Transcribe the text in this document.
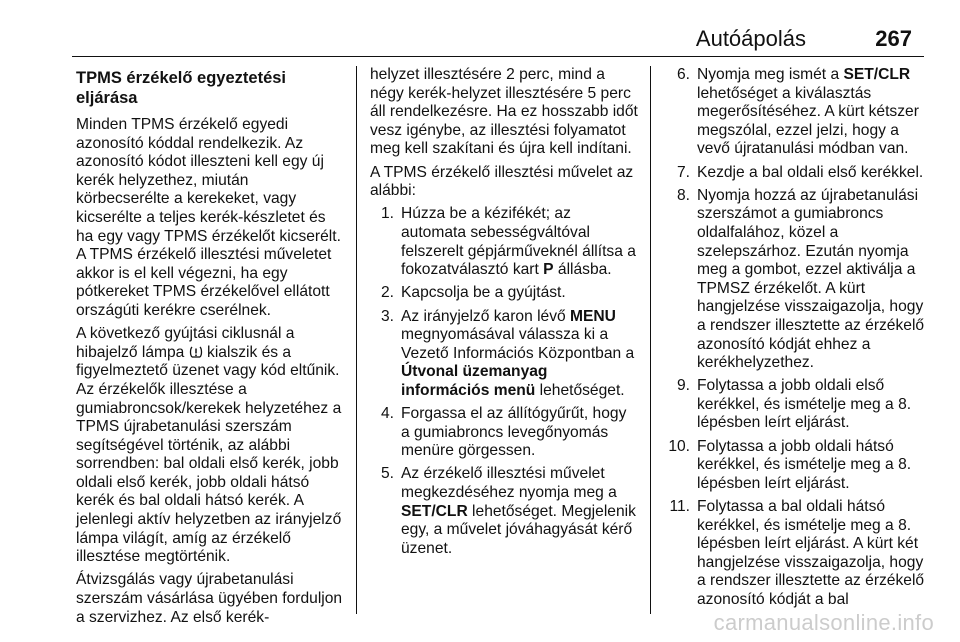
Autóápolás	267
TPMS érzékelő egyeztetési eljárása

Minden TPMS érzékelő egyedi azonosító kóddal rendelkezik. Az azonosító kódot illeszteni kell egy új kerék helyzethez, miután körbecserélte a kerekeket, vagy kicserélte a teljes kerék-készletet és ha egy vagy TPMS érzékelőt kicserélt. A TPMS érzékelő illesztési műveletet akkor is el kell végezni, ha egy pótkereket TPMS érzékelővel ellátott országúti kerékre cserélnek.

A következő gyújtási ciklusnál a hibajelző lámpa kialszik és a figyelmeztető üzenet vagy kód eltűnik. Az érzékelők illesztése a gumiabroncsok/kerekek helyzetéhez a TPMS újrabetanulási szerszám segítségével történik, az alábbi sorrendben: bal oldali első kerék, jobb oldali első kerék, jobb oldali hátsó kerék és bal oldali hátsó kerék. A jelenlegi aktív helyzetben az irányjelző lámpa világít, amíg az érzékelő illesztése megtörténik.

Átvizsgálás vagy újrabetanulási szerszám vásárlása ügyében forduljon a szervizhez. Az első kerék-

helyzet illesztésére 2 perc, mind a négy kerék-helyzet illesztésére 5 perc áll rendelkezésre. Ha ez hosszabb időt vesz igénybe, az illesztési folyamatot meg kell szakítani és újra kell indítani.

A TPMS érzékelő illesztési művelet az alábbi:

1. Húzza be a kézifékét; az automata sebességváltóval felszerelt gépjárműveknél állítsa a fokozatválasztó kart P állásba.
2. Kapcsolja be a gyújtást.
3. Az irányjelző karon lévő MENU megnyomásával válassza ki a Vezető Információs Központban a Útvonal üzemanyag információs menü lehetőséget.
4. Forgassa el az állítógyűrűt, hogy a gumiabroncs levegőnyomás menüre görgessen.
5. Az érzékelő illesztési művelet megkezdéséhez nyomja meg a SET/CLR lehetőséget. Megjelenik egy, a művelet jóváhagyását kérő üzenet.
6. Nyomja meg ismét a SET/CLR lehetőséget a kiválasztás megerősítéséhez. A kürt kétszer megszólal, ezzel jelzi, hogy a vevő újratanulási módban van.
7. Kezdje a bal oldali első kerékkel.
8. Nyomja hozzá az újrabetanulási szerszámot a gumiabroncs oldalfalához, közel a szelepszárhoz. Ezután nyomja meg a gombot, ezzel aktiválja a TPMSZ érzékelőt. A kürt hangjelzése visszaigazolja, hogy a rendszer illesztette az érzékelő azonosító kódját ehhez a kerékhelyzethez.
9. Folytassa a jobb oldali első kerékkel, és ismételje meg a 8. lépésben leírt eljárást.
10. Folytassa a jobb oldali hátsó kerékkel, és ismételje meg a 8. lépésben leírt eljárást.
11. Folytassa a bal oldali hátsó kerékkel, és ismételje meg a 8. lépésben leírt eljárást. A kürt két hangjelzése visszaigazolja, hogy a rendszer illesztette az érzékelő azonosító kódját a bal
carmanualsonline.info
